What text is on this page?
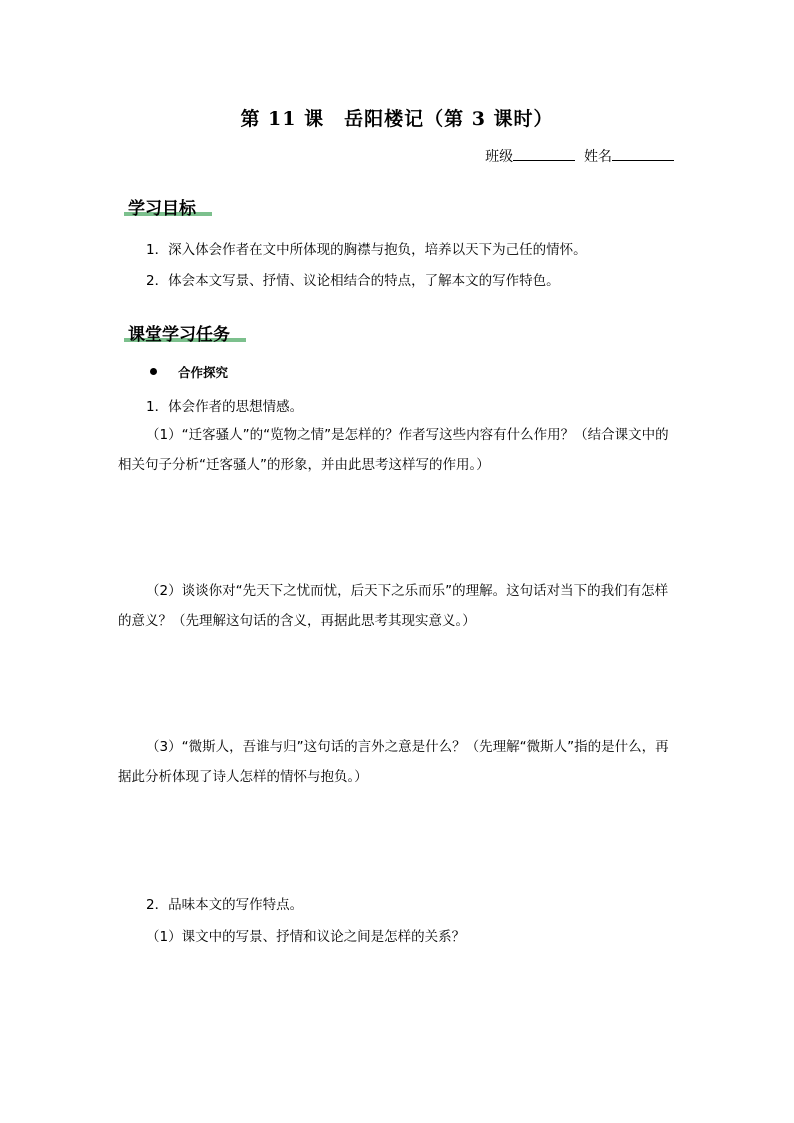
第 11 课　岳阳楼记（第 3 课时）
班级	姓名
学习目标
1．深入体会作者在文中所体现的胸襟与抱负，培养以天下为己任的情怀。
2．体会本文写景、抒情、议论相结合的特点，了解本文的写作特色。
课堂学习任务
合作探究
1．体会作者的思想情感。
（1）“迁客骚人”的“览物之情”是怎样的？作者写这些内容有什么作用？（结合课文中的相关句子分析“迁客骚人”的形象，并由此思考这样写的作用。）
（2）谈谈你对“先天下之忧而忧，后天下之乐而乐”的理解。这句话对当下的我们有怎样的意义？（先理解这句话的含义，再据此思考其现实意义。）
（3）“微斯人，吾谁与归”这句话的言外之意是什么？（先理解“微斯人”指的是什么，再据此分析体现了诗人怎样的情怀与抱负。）
2．品味本文的写作特点。
（1）课文中的写景、抒情和议论之间是怎样的关系？
